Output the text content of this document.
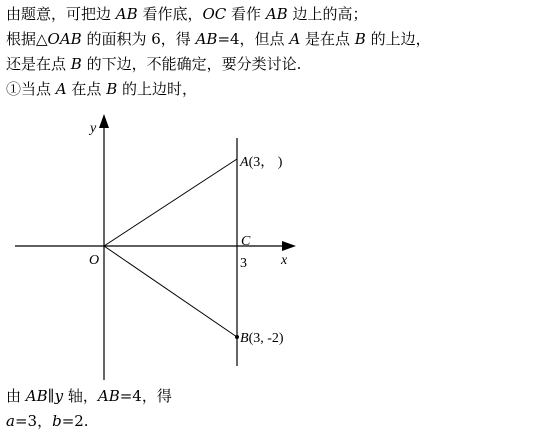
y
x
O
A(3， )
C
3
B(3, -2)
由题意，可把边 AB 看作底，OC 看作 AB 边上的高；
根据△OAB 的面积为 6，得 AB=4，但点 A 是在点 B 的上边，
还是在点 B 的下边，不能确定，要分类讨论.
①当点 A 在点 B 的上边时，
由 AB∥y 轴，AB=4，得
a=3，b=2.
